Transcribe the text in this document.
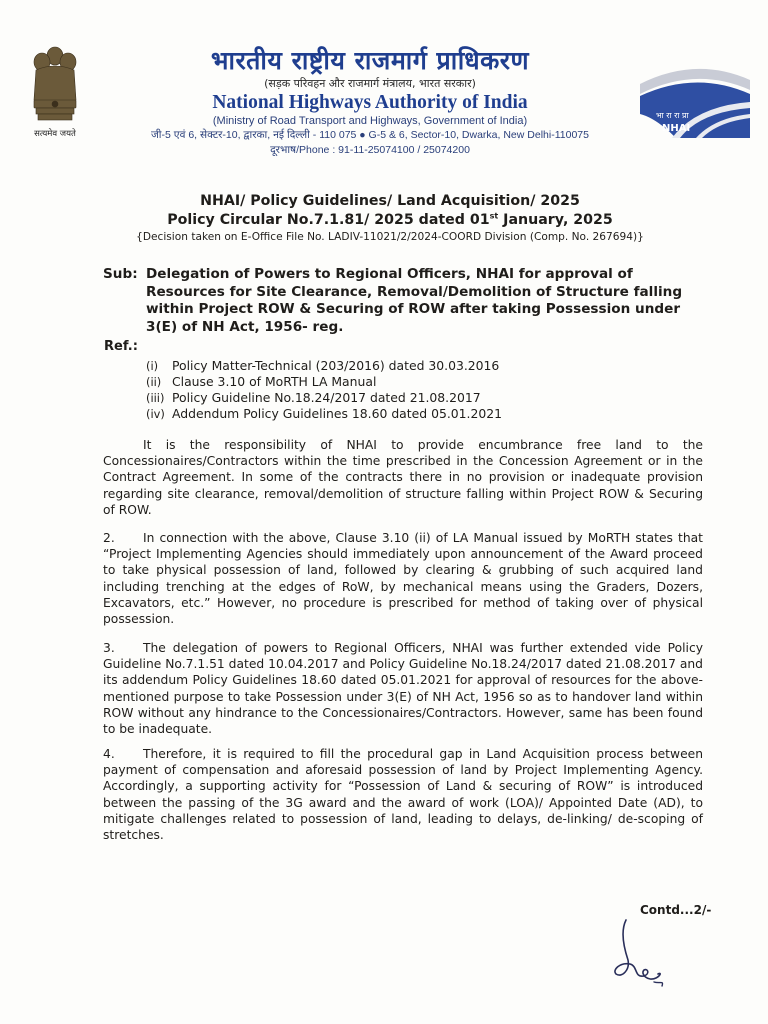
सत्यमेव जयते
भारतीय राष्ट्रीय राजमार्ग प्राधिकरण
(सड़क परिवहन और राजमार्ग मंत्रालय, भारत सरकार)
National Highways Authority of India
(Ministry of Road Transport and Highways, Government of India)
जी-5 एवं 6, सेक्टर-10, द्वारका, नई दिल्ली - 110 075 ● G-5 & 6, Sector-10, Dwarka, New Delhi-110075
दूरभाष/Phone : 91-11-25074100 / 25074200
भा रा रा प्रा
NHAI
NHAI/ Policy Guidelines/ Land Acquisition/ 2025
Policy Circular No.7.1.81/ 2025 dated 01st January, 2025
{Decision taken on E-Office File No. LADIV-11021/2/2024-COORD Division (Comp. No. 267694)}
Sub: Delegation of Powers to Regional Officers, NHAI for approval of Resources for Site Clearance, Removal/Demolition of Structure falling within Project ROW & Securing of ROW after taking Possession under 3(E) of NH Act, 1956- reg.
Ref.:
(i) Policy Matter-Technical (203/2016) dated 30.03.2016
(ii) Clause 3.10 of MoRTH LA Manual
(iii) Policy Guideline No.18.24/2017 dated 21.08.2017
(iv) Addendum Policy Guidelines 18.60 dated 05.01.2021
It is the responsibility of NHAI to provide encumbrance free land to the Concessionaires/Contractors within the time prescribed in the Concession Agreement or in the Contract Agreement. In some of the contracts there in no provision or inadequate provision regarding site clearance, removal/demolition of structure falling within Project ROW & Securing of ROW.
2. In connection with the above, Clause 3.10 (ii) of LA Manual issued by MoRTH states that “Project Implementing Agencies should immediately upon announcement of the Award proceed to take physical possession of land, followed by clearing & grubbing of such acquired land including trenching at the edges of RoW, by mechanical means using the Graders, Dozers, Excavators, etc.” However, no procedure is prescribed for method of taking over of physical possession.
3. The delegation of powers to Regional Officers, NHAI was further extended vide Policy Guideline No.7.1.51 dated 10.04.2017 and Policy Guideline No.18.24/2017 dated 21.08.2017 and its addendum Policy Guidelines 18.60 dated 05.01.2021 for approval of resources for the above-mentioned purpose to take Possession under 3(E) of NH Act, 1956 so as to handover land within ROW without any hindrance to the Concessionaires/Contractors. However, same has been found to be inadequate.
4. Therefore, it is required to fill the procedural gap in Land Acquisition process between payment of compensation and aforesaid possession of land by Project Implementing Agency. Accordingly, a supporting activity for “Possession of Land & securing of ROW” is introduced between the passing of the 3G award and the award of work (LOA)/ Appointed Date (AD), to mitigate challenges related to possession of land, leading to delays, de-linking/ de-scoping of stretches.
Contd...2/-
